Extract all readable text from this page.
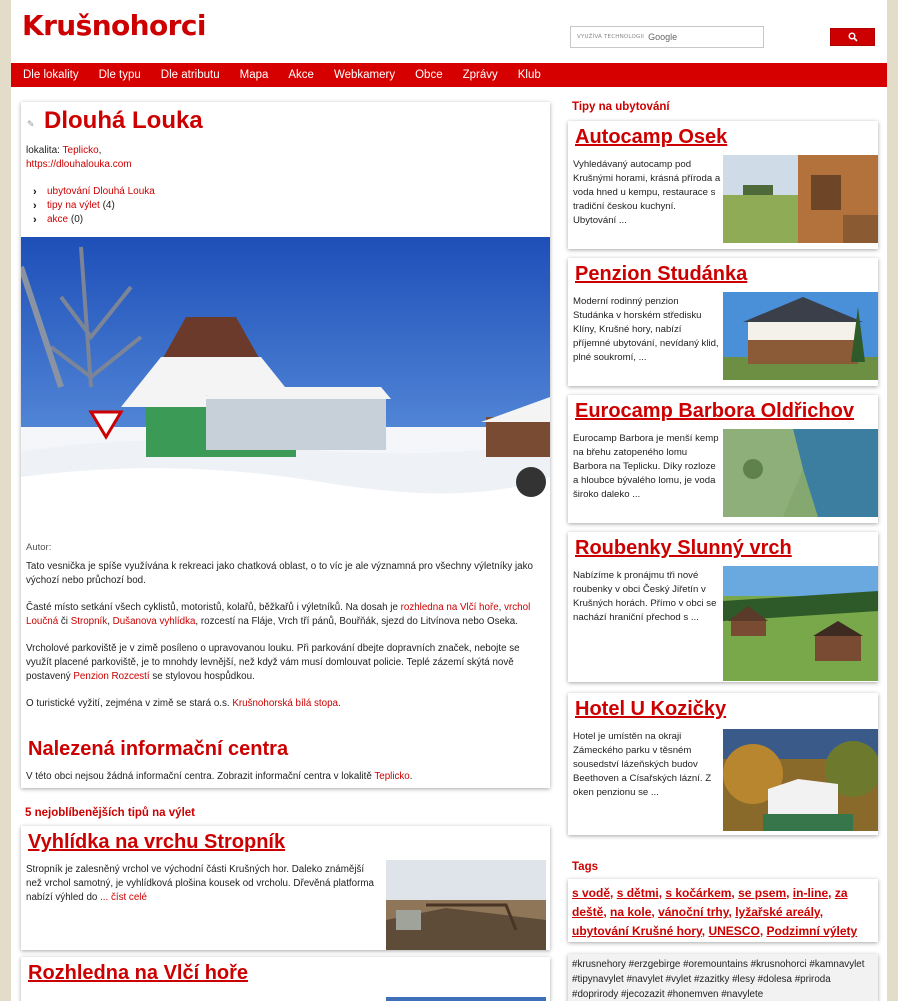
Krušnohorci	VYUŽÍVÁ TECHNOLOGII Google
Dle lokality Dle typu Dle atributu Mapa Akce Webkamery Obce Zprávy Klub
✎ Dlouhá Louka
lokalita: Teplicko,
https://dlouhalouka.com
›	ubytování Dlouhá Louka
›	tipy na výlet
(4)
›	akce
(0)
Autor:

Tato vesnička je spíše využívána k rekreaci jako chatková oblast, o to víc je ale významná pro všechny výletníky jako výchozí nebo průchozí bod.

Časté místo setkání všech cyklistů, motoristů, kolařů, běžkařů i výletníků. Na dosah je rozhledna na Vlčí hoře, vrchol Loučná či Stropník, Dušanova vyhlídka, rozcestí na Fláje, Vrch tří pánů, Bouřňák, sjezd do Litvínova nebo Oseka.

Vrcholové parkoviště je v zimě posíleno o upravovanou louku. Při parkování dbejte dopravních značek, nebojte se využít placené parkoviště, je to mnohdy levnější, než když vám musí domlouvat policie. Teplé zázemí skýtá nově postavený Penzion Rozcestí se stylovou hospůdkou.

O turistické vyžití, zejména v zimě se stará o.s. Krušnohorská bílá stopa.

Nalezená informační centra
V této obci nejsou žádná informační centra. Zobrazit informační centra v lokalitě Teplicko.
5 nejoblíbenějších tipů na výlet
Vyhlídka na vrchu Stropník
Stropník je zalesněný vrchol ve východní části Krušných hor. Daleko známější než vrchol samotný, je vyhlídková plošina kousek od vrcholu. Dřevěná platforma nabízí výhled do ... číst celé
Rozhledna na Vlčí hoře
Tipy na ubytování
Autocamp Osek
Vyhledávaný autocamp pod Krušnými horami, krásná příroda a voda hned u kempu, restaurace s tradiční českou kuchyní. Ubytování ...
Penzion Studánka
Moderní rodinný penzion Studánka v horském středisku Klíny, Krušné hory, nabízí příjemné ubytování, nevídaný klid, plné soukromí, ...
Eurocamp Barbora Oldřichov
Eurocamp Barbora je menší kemp na břehu zatopeného lomu Barbora na Teplicku. Díky rozloze a hloubce bývalého lomu, je voda široko daleko ...
Roubenky Slunný vrch
Nabízíme k pronájmu tři nové roubenky v obci Český Jiřetín v Krušných horách. Přímo v obci se nachází hraniční přechod s ...
Hotel U Kozičky
Hotel je umístěn na okraji Zámeckého parku v těsném sousedství lázeňských budov Beethoven a Císařských lázní. Z oken penzionu se ...
Tags
s vodě, s dětmi, s kočárkem, se psem, in-line, za deště, na kole, vánoční trhy, lyžařské areály, ubytování Krušné hory, UNESCO, Podzimní výlety
#krusnehory #erzgebirge #oremountains #krusnohorci #kamnavylet #tipynavylet #navylet #vylet #zazitky #lesy #dolesa #priroda #doprirody #jecozazit #honemven #navylete
